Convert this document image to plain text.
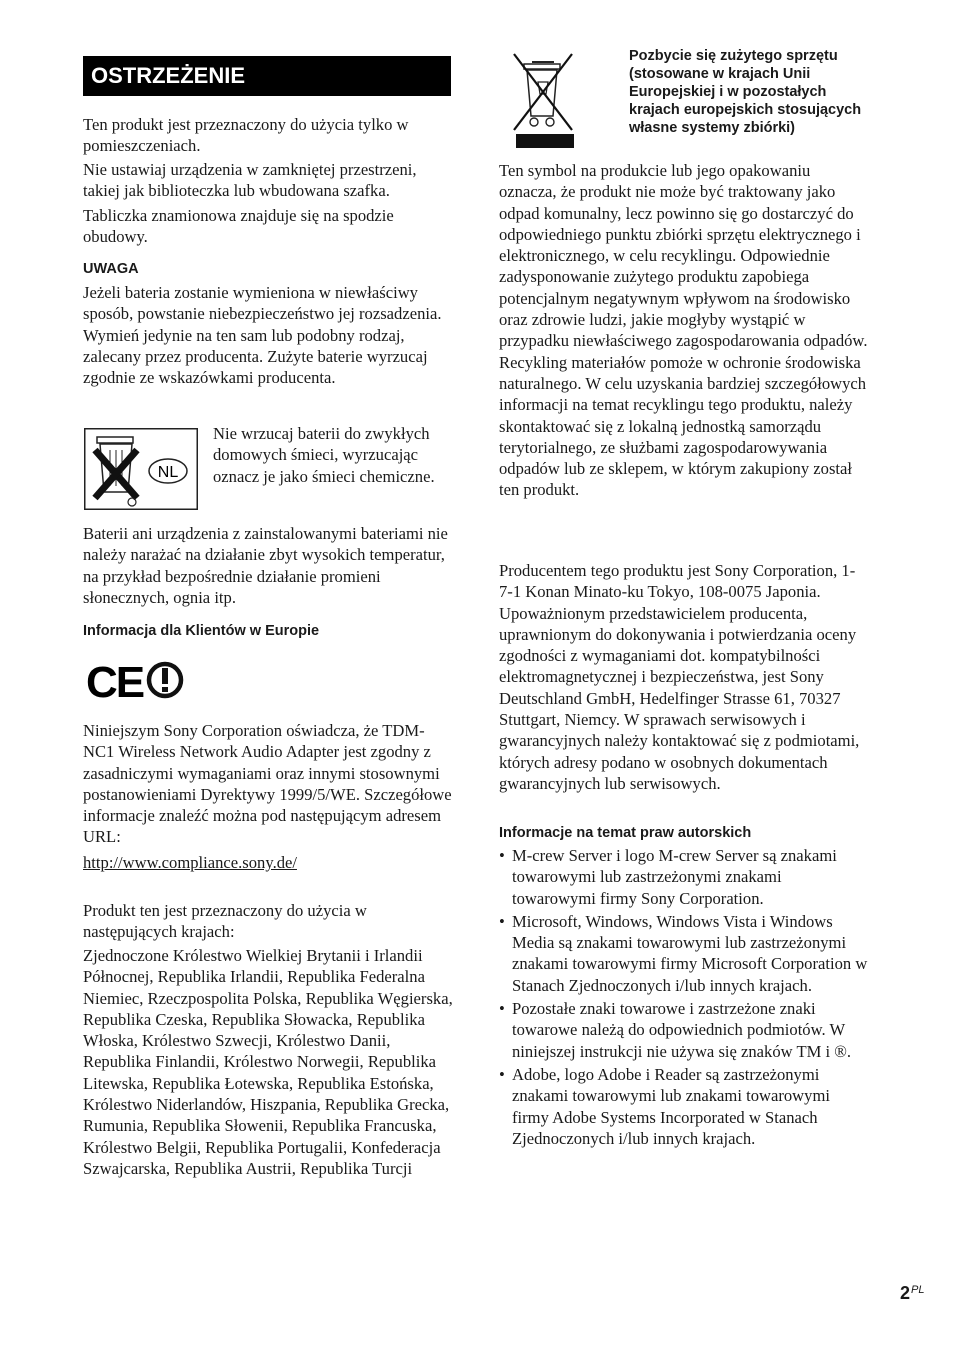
OSTRZEŻENIE

Ten produkt jest przeznaczony do użycia tylko w pomieszczeniach.

Nie ustawiaj urządzenia w zamkniętej przestrzeni, takiej jak biblioteczka lub wbudowana szafka.

Tabliczka znamionowa znajduje się na spodzie obudowy.

UWAGA

Jeżeli bateria zostanie wymieniona w niewłaściwy sposób, powstanie niebezpieczeństwo jej rozsadzenia. Wymień jedynie na ten sam lub podobny rodzaj, zalecany przez producenta. Zużyte baterie wyrzucaj zgodnie ze wskazówkami producenta.

NL

Nie wrzucaj baterii do zwykłych domowych śmieci, wyrzucając oznacz je jako śmieci chemiczne.

Baterii ani urządzenia z zainstalowanymi bateriami nie należy narażać na działanie zbyt wysokich temperatur, na przykład bezpośrednie działanie promieni słonecznych, ognia itp.

Informacja dla Klientów w Europie
CE

Niniejszym Sony Corporation oświadcza, że TDM-NC1 Wireless Network Audio Adapter jest zgodny z zasadniczymi wymaganiami oraz innymi stosownymi postanowieniami Dyrektywy 1999/5/WE. Szczegółowe informacje znaleźć można pod następującym adresem URL:

http://www.compliance.sony.de/

Produkt ten jest przeznaczony do użycia w następujących krajach:

Zjednoczone Królestwo Wielkiej Brytanii i Irlandii Północnej, Republika Irlandii, Republika Federalna Niemiec, Rzeczpospolita Polska, Republika Węgierska, Republika Czeska, Republika Słowacka, Republika Włoska, Królestwo Szwecji, Królestwo Danii, Republika Finlandii, Królestwo Norwegii, Republika Litewska, Republika Łotewska, Republika Estońska, Królestwo Niderlandów, Hiszpania, Republika Grecka, Rumunia, Republika Słowenii, Republika Francuska, Królestwo Belgii, Republika Portugalii, Konfederacja Szwajcarska, Republika Austrii, Republika Turcji

Pozbycie się zużytego sprzętu (stosowane w krajach Unii Europejskiej i w pozostałych krajach europejskich stosujących własne systemy zbiórki)

Ten symbol na produkcie lub jego opakowaniu oznacza, że produkt nie może być traktowany jako odpad komunalny, lecz powinno się go dostarczyć do odpowiedniego punktu zbiórki sprzętu elektrycznego i elektronicznego, w celu recyklingu. Odpowiednie zadysponowanie zużytego produktu zapobiega potencjalnym negatywnym wpływom na środowisko oraz zdrowie ludzi, jakie mogłyby wystąpić w przypadku niewłaściwego zagospodarowania odpadów. Recykling materiałów pomoże w ochronie środowiska naturalnego. W celu uzyskania bardziej szczegółowych informacji na temat recyklingu tego produktu, należy skontaktować się z lokalną jednostką samorządu terytorialnego, ze służbami zagospodarowywania odpadów lub ze sklepem, w którym zakupiony został ten produkt.

Producentem tego produktu jest Sony Corporation, 1-7-1 Konan Minato-ku Tokyo, 108-0075 Japonia. Upoważnionym przedstawicielem producenta, uprawnionym do dokonywania i potwierdzania oceny zgodności z wymaganiami dot. kompatybilności elektromagnetycznej i bezpieczeństwa, jest Sony Deutschland GmbH, Hedelfinger Strasse 61, 70327 Stuttgart, Niemcy. W sprawach serwisowych i gwarancyjnych należy kontaktować się z podmiotami, których adresy podano w osobnych dokumentach gwarancyjnych lub serwisowych.

Informacje na temat praw autorskich
• M-crew Server i logo M-crew Server są znakami towarowymi lub zastrzeżonymi znakami towarowymi firmy Sony Corporation.
• Microsoft, Windows, Windows Vista i Windows Media są znakami towarowymi lub zastrzeżonymi znakami towarowymi firmy Microsoft Corporation w Stanach Zjednoczonych i/lub innych krajach.
• Pozostałe znaki towarowe i zastrzeżone znaki towarowe należą do odpowiednich podmiotów. W niniejszej instrukcji nie używa się znaków TM i ®.
• Adobe, logo Adobe i Reader są zastrzeżonymi znakami towarowymi lub znakami towarowymi firmy Adobe Systems Incorporated w Stanach Zjednoczonych i/lub innych krajach.
$2^{PL}$
